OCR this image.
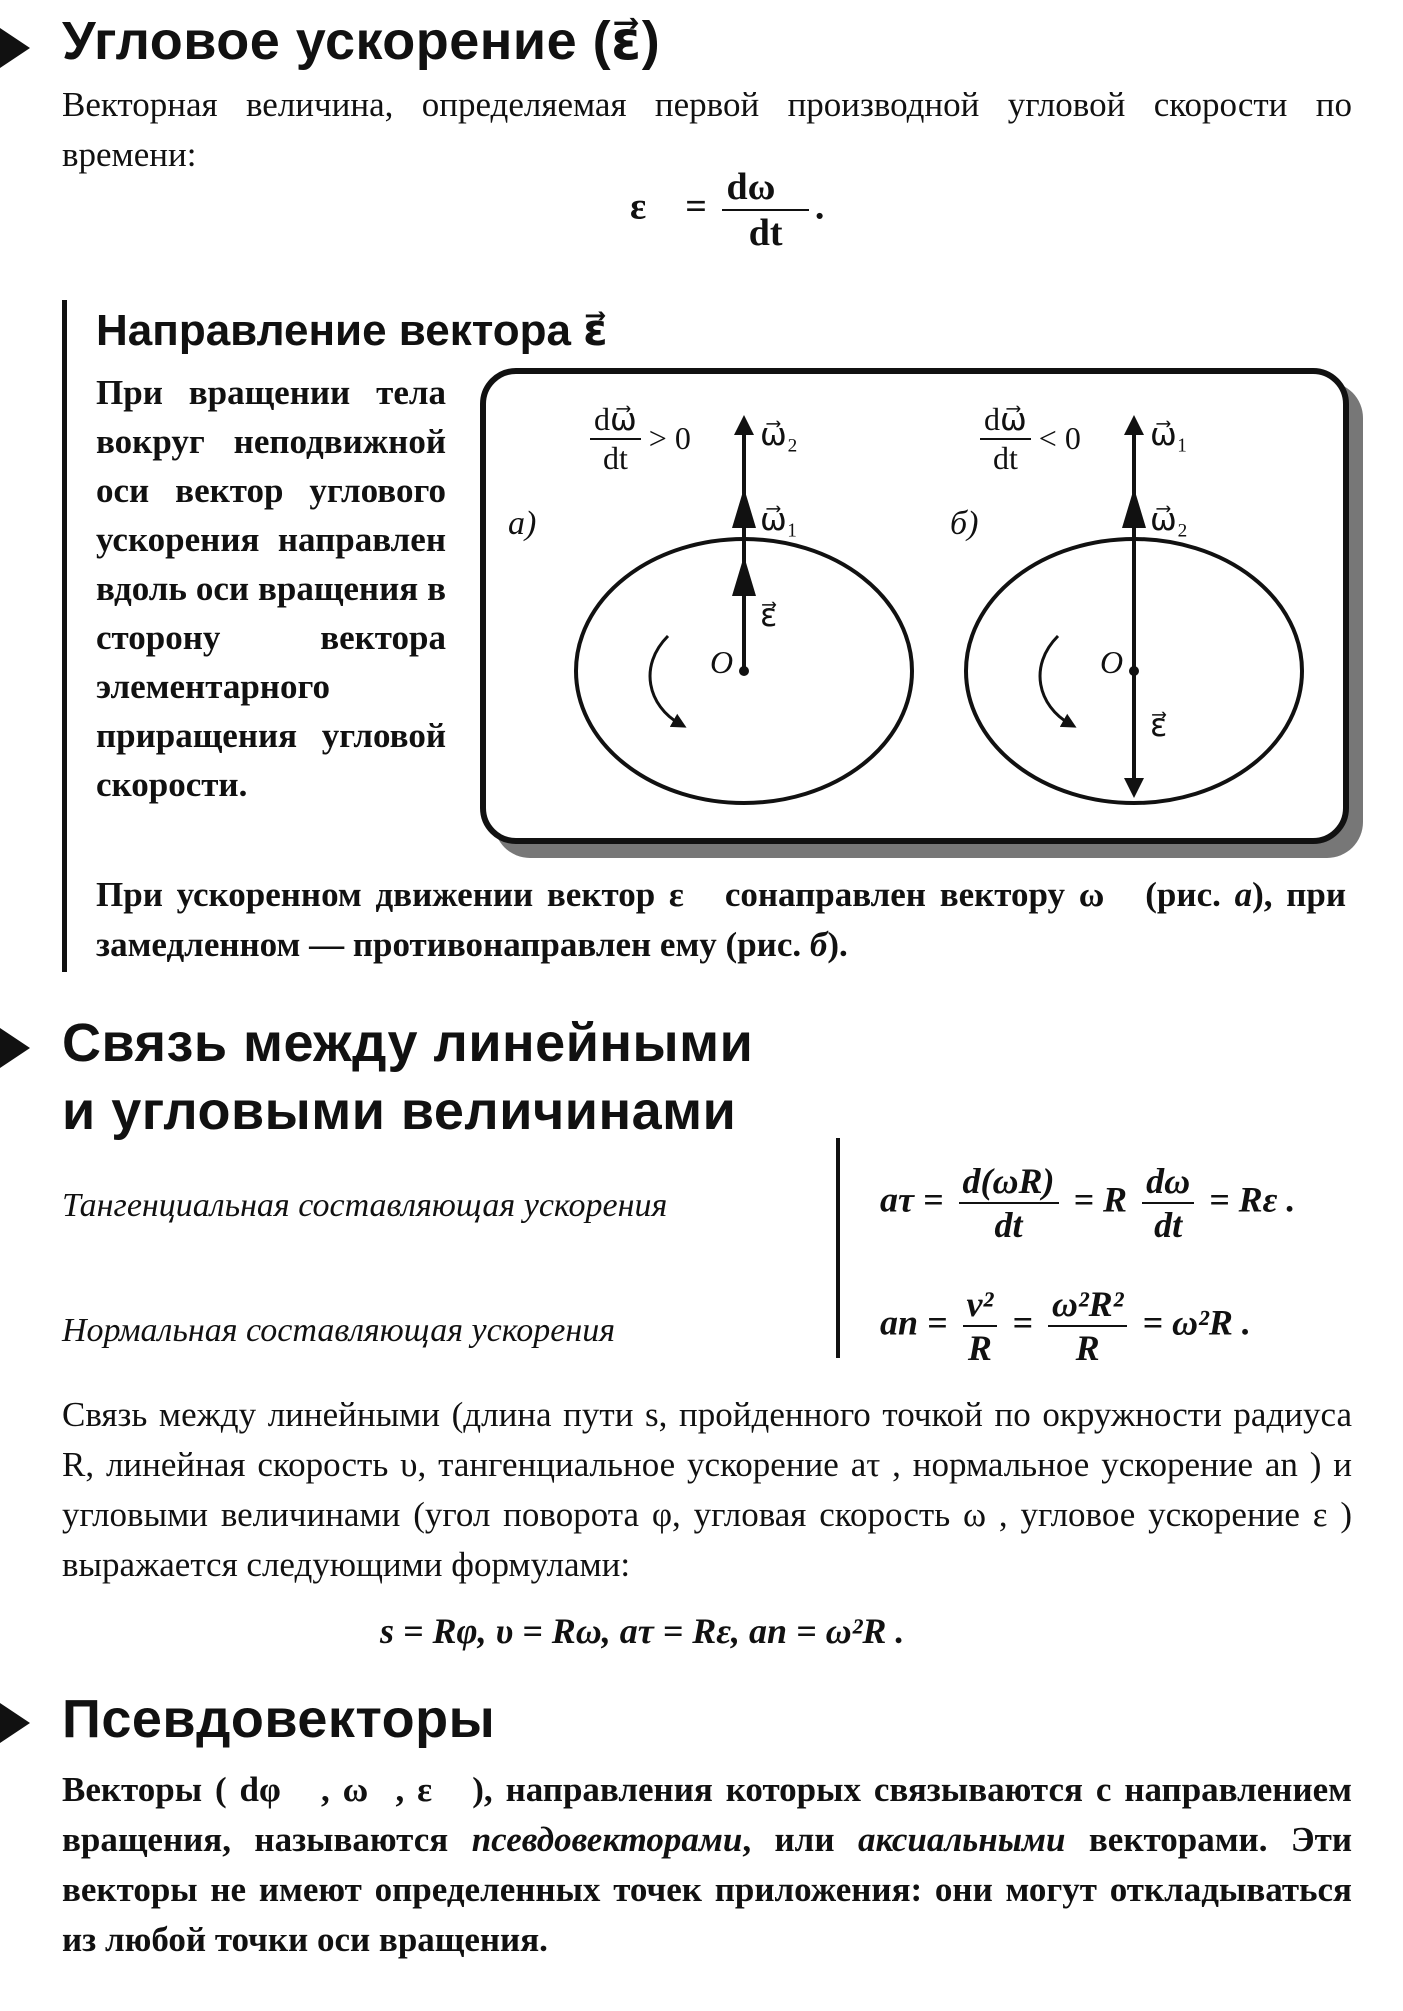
Угловое ускорение (ε⃗)
Векторная величина, определяемая первой производной угловой скорости по времени:
ε⃗ = $\frac{d\omega⃗}{dt}$ .
Направление вектора ε⃗
При вращении тела вокруг неподвижной оси вектор углового ускорения направлен вдоль оси вращения в сторону вектора элементарного приращения угловой скорости.
а)
$\frac{d\omega⃗}{dt} > 0$ ω⃗₂
ω⃗₁
ε⃗
O
б)
$\frac{d\omega⃗}{dt} < 0$ ω⃗₁
ω⃗₂
ε⃗
O
При ускоренном движении вектор ε⃗ сонаправлен вектору ω⃗ (рис. а), при замедленном — противонаправлен ему (рис. б).
Связь между линейными
и угловыми величинами
Тангенциальная составляющая ускорения
Нормальная составляющая ускорения
$a\tau = \frac{d(\omega R)}{dt} = R \frac{d\omega}{dt} = R\varepsilon$ .
an = $\frac{\text{v²}}{R} = \frac{\text{ω²R²}}{R} = \omega^2R$ .
Связь между линейными (длина пути s, пройденного точкой по окружности радиуса R, линейная скорость υ, тангенциальное ускорение aτ , нормальное ускорение an ) и угловыми величинами (угол поворота φ, угловая скорость ω , угловое ускорение ε ) выражается следующими формулами:
s = Rφ, υ = Rω, aτ = Rε, an = ω²R .
Псевдовекторы
Векторы ( dφ⃗ , ω⃗, ε⃗ ), направления которых связываются с направлением вращения, называются псевдовекторами, или аксиальными векторами. Эти векторы не имеют определенных точек приложения: они могут откладываться из любой точки оси вращения.
